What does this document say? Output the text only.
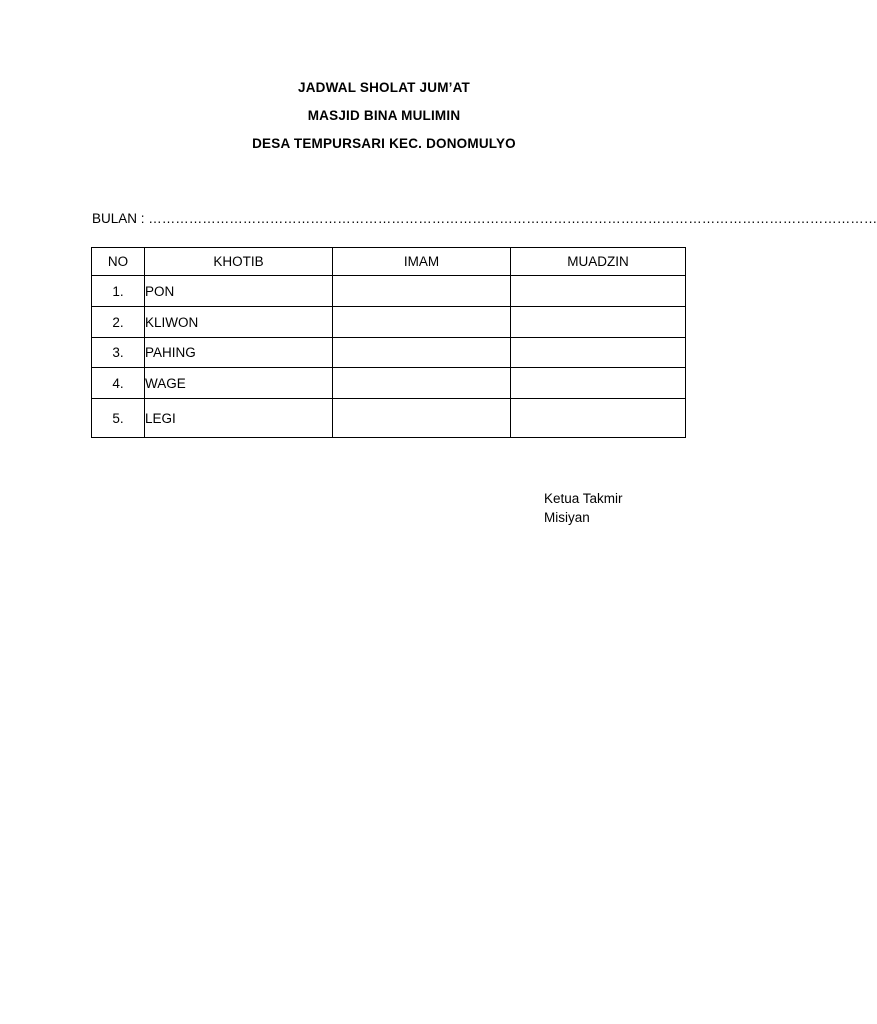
JADWAL SHOLAT JUM’AT
MASJID BINA MULIMIN
DESA TEMPURSARI KEC. DONOMULYO
BULAN : ………………………………………………………………………………………………………………………………………………
NO	KHOTIB	IMAM	MUADZIN
1.	PON		
2.	KLIWON		
3.	PAHING		
4.	WAGE		
5.	LEGI		
Ketua Takmir
Misiyan
